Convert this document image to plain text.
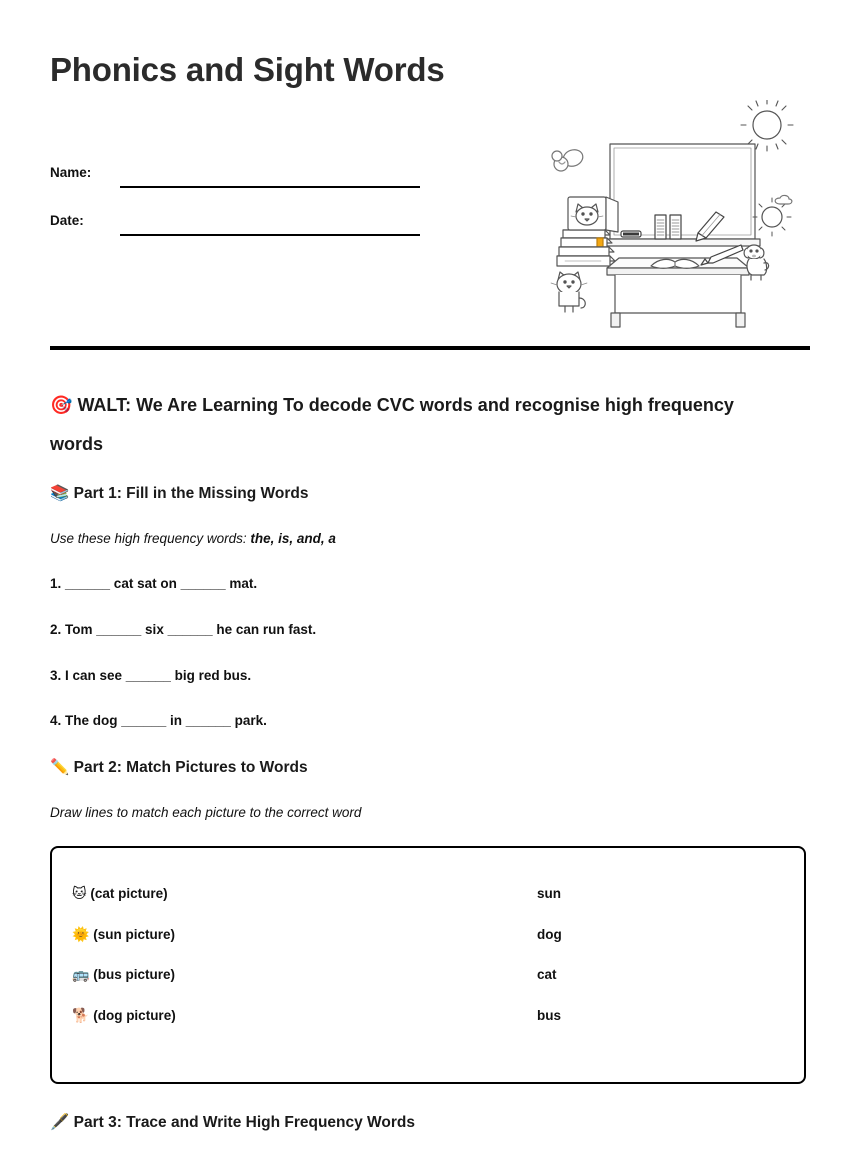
Phonics and Sight Words
Name:
Date:
🎯 WALT: We Are Learning To decode CVC words and recognise high frequency words
📚 Part 1: Fill in the Missing Words
Use these high frequency words: the, is, and, a
1. ______ cat sat on ______ mat.
2. Tom ______ six ______ he can run fast.
3. I can see ______ big red bus.
4. The dog ______ in ______ park.
✏️ Part 2: Match Pictures to Words
Draw lines to match each picture to the correct word
🐱 (cat picture)	sun
🌞 (sun picture)	dog
🚌 (bus picture)	cat
🐕 (dog picture)	bus
🖋️ Part 3: Trace and Write High Frequency Words
